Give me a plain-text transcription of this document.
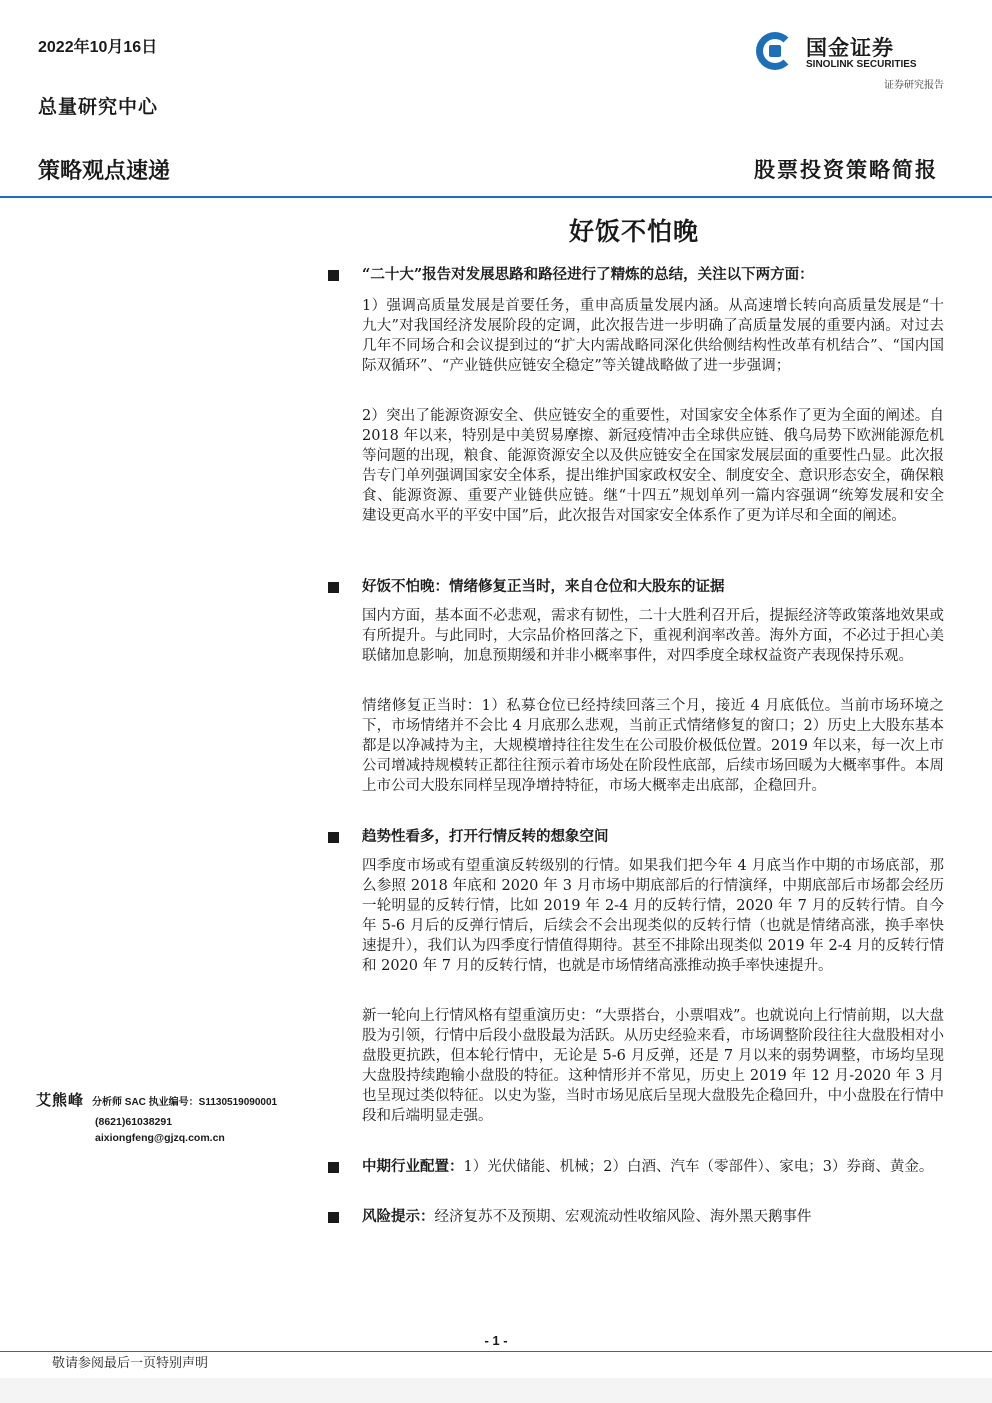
2022年10月16日
总量研究中心
国金证券
SINOLINK SECURITIES
证券研究报告
策略观点速递	股票投资策略简报
好饭不怕晚
“二十大”报告对发展思路和路径进行了精炼的总结，关注以下两方面：
1）强调高质量发展是首要任务，重申高质量发展内涵。从高速增长转向高质量发展是“十九大”对我国经济发展阶段的定调，此次报告进一步明确了高质量发展的重要内涵。对过去几年不同场合和会议提到过的“扩大内需战略同深化供给侧结构性改革有机结合”、“国内国际双循环”、“产业链供应链安全稳定”等关键战略做了进一步强调；
2）突出了能源资源安全、供应链安全的重要性，对国家安全体系作了更为全面的阐述。自 2018 年以来，特别是中美贸易摩擦、新冠疫情冲击全球供应链、俄乌局势下欧洲能源危机等问题的出现，粮食、能源资源安全以及供应链安全在国家发展层面的重要性凸显。此次报告专门单列强调国家安全体系，提出维护国家政权安全、制度安全、意识形态安全，确保粮食、能源资源、重要产业链供应链。继“十四五”规划单列一篇内容强调“统筹发展和安全　建设更高水平的平安中国”后，此次报告对国家安全体系作了更为详尽和全面的阐述。
好饭不怕晚：情绪修复正当时，来自仓位和大股东的证据
国内方面，基本面不必悲观，需求有韧性，二十大胜利召开后，提振经济等政策落地效果或有所提升。与此同时，大宗品价格回落之下，重视利润率改善。海外方面，不必过于担心美联储加息影响，加息预期缓和并非小概率事件，对四季度全球权益资产表现保持乐观。
情绪修复正当时：1）私募仓位已经持续回落三个月，接近 4 月底低位。当前市场环境之下，市场情绪并不会比 4 月底那么悲观，当前正式情绪修复的窗口；2）历史上大股东基本都是以净减持为主，大规模增持往往发生在公司股价极低位置。2019 年以来，每一次上市公司增减持规模转正都往往预示着市场处在阶段性底部，后续市场回暖为大概率事件。本周上市公司大股东同样呈现净增持特征，市场大概率走出底部，企稳回升。
趋势性看多，打开行情反转的想象空间
四季度市场或有望重演反转级别的行情。如果我们把今年 4 月底当作中期的市场底部，那么参照 2018 年底和 2020 年 3 月市场中期底部后的行情演绎，中期底部后市场都会经历一轮明显的反转行情，比如 2019 年 2-4 月的反转行情，2020 年 7 月的反转行情。自今年 5-6 月后的反弹行情后，后续会不会出现类似的反转行情（也就是情绪高涨，换手率快速提升），我们认为四季度行情值得期待。甚至不排除出现类似 2019 年 2-4 月的反转行情和 2020 年 7 月的反转行情，也就是市场情绪高涨推动换手率快速提升。
新一轮向上行情风格有望重演历史：“大票搭台，小票唱戏”。也就说向上行情前期，以大盘股为引领，行情中后段小盘股最为活跃。从历史经验来看，市场调整阶段往往大盘股相对小盘股更抗跌，但本轮行情中，无论是 5-6 月反弹，还是 7 月以来的弱势调整，市场均呈现大盘股持续跑输小盘股的特征。这种情形并不常见，历史上 2019 年 12 月-2020 年 3 月也呈现过类似特征。以史为鉴，当时市场见底后呈现大盘股先企稳回升，中小盘股在行情中段和后端明显走强。
中期行业配置：1）光伏储能、机械；2）白酒、汽车（零部件）、家电；3）券商、黄金。
风险提示：经济复苏不及预期、宏观流动性收缩风险、海外黑天鹅事件
艾熊峰 分析师 SAC 执业编号：S1130519090001
(8621)61038291
aixiongfeng@gjzq.com.cn
- 1 -
敬请参阅最后一页特别声明
